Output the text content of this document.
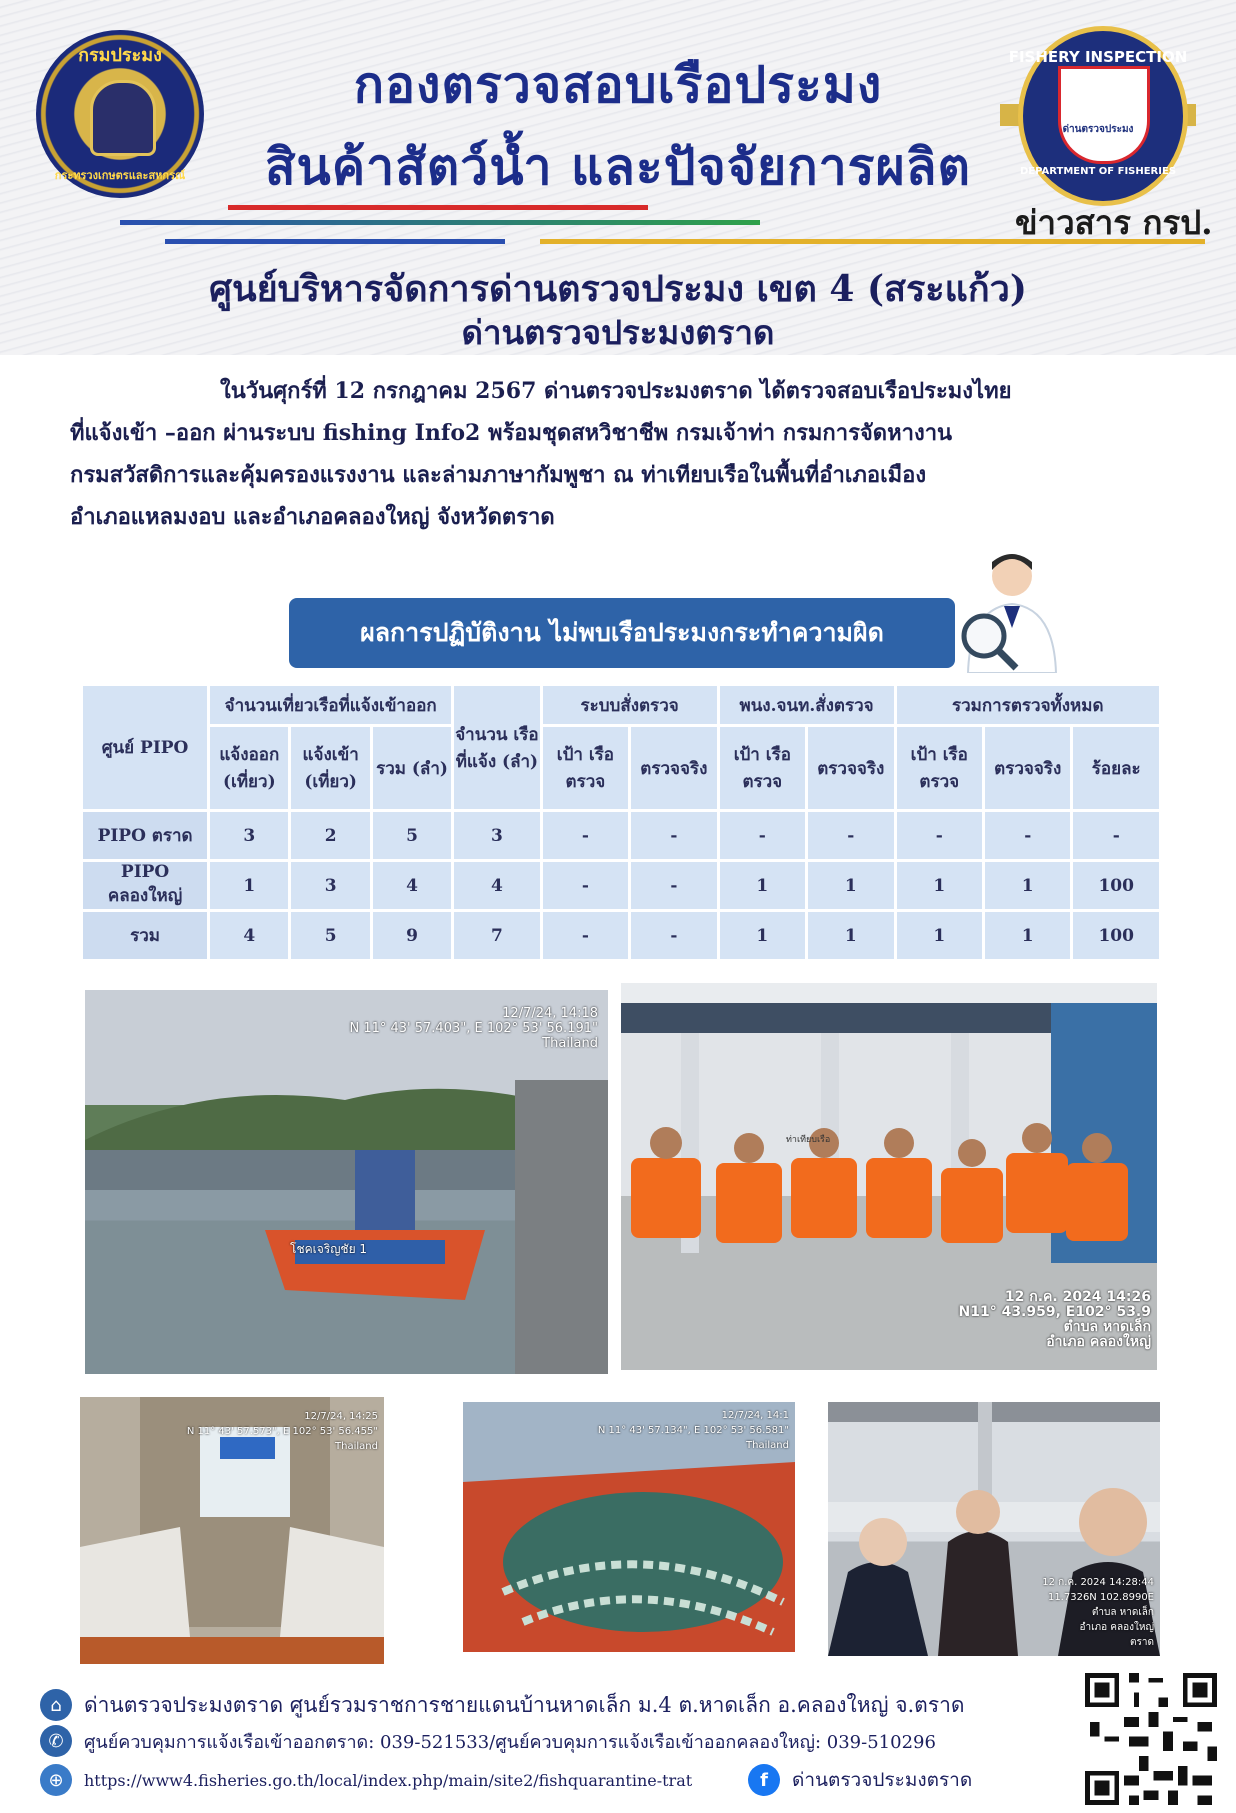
กรมประมง
กระทรวงเกษตรและสหกรณ์
FISHERY INSPECTION
ด่านตรวจประมง
DEPARTMENT OF FISHERIES
กองตรวจสอบเรือประมง
สินค้าสัตว์น้ำ และปัจจัยการผลิต
ข่าวสาร กรป.
ศูนย์บริหารจัดการด่านตรวจประมง เขต 4 (สระแก้ว)
ด่านตรวจประมงตราด
ในวันศุกร์ที่ 12 กรกฎาคม 2567 ด่านตรวจประมงตราด ได้ตรวจสอบเรือประมงไทย
ที่แจ้งเข้า –ออก ผ่านระบบ fishing Info2 พร้อมชุดสหวิชาชีพ กรมเจ้าท่า กรมการจัดหางาน
กรมสวัสดิการและคุ้มครองแรงงาน และล่ามภาษากัมพูชา ณ ท่าเทียบเรือในพื้นที่อำเภอเมือง
อำเภอแหลมงอบ และอำเภอคลองใหญ่ จังหวัดตราด
ผลการปฏิบัติงาน ไม่พบเรือประมงกระทำความผิด
ศูนย์ PIPO	จำนวนเที่ยวเรือที่แจ้งเข้าออก			จำนวน เรือที่แจ้ง (ลำ)	ระบบสั่งตรวจ		พนง.จนท.สั่งตรวจ		รวมการตรวจทั้งหมด		
	แจ้งออก (เที่ยว)	แจ้งเข้า (เที่ยว)	รวม (ลำ)		เป้า เรือตรวจ	ตรวจจริง	เป้า เรือตรวจ	ตรวจจริง	เป้า เรือตรวจ	ตรวจจริง	ร้อยละ
PIPO ตราด	3	2	5	3	-	-	-	-	-	-	-
PIPO คลองใหญ่	1	3	4	4	-	-	1	1	1	1	100
รวม	4	5	9	7	-	-	1	1	1	1	100
12/7/24, 14:18
N 11° 43' 57.403", E 102° 53' 56.191"
Thailand
โชคเจริญชัย 1
12 ก.ค. 2024 14:26
N11° 43.959, E102° 53.9
ตำบล หาดเล็ก
อำเภอ คลองใหญ่
ท่าเทียบเรือ
12/7/24, 14:25
N 11° 43' 57.573", E 102° 53' 56.455"
Thailand
12/7/24, 14:1
N 11° 43' 57.134", E 102° 53' 56.581"
Thailand
12 ก.ค. 2024 14:28:44
11.7326N 102.8990E
ตำบล หาดเล็ก
อำเภอ คลองใหญ่
ตราด
⌂	ด่านตรวจประมงตราด ศูนย์รวมราชการชายแดนบ้านหาดเล็ก ม.4 ต.หาดเล็ก อ.คลองใหญ่ จ.ตราด
✆	ศูนย์ควบคุมการแจ้งเรือเข้าออกตราด: 039-521533/ศูนย์ควบคุมการแจ้งเรือเข้าออกคลองใหญ่: 039-510296
⊕	https://www4.fisheries.go.th/local/index.php/main/site2/fishquarantine-trat	f	ด่านตรวจประมงตราด
